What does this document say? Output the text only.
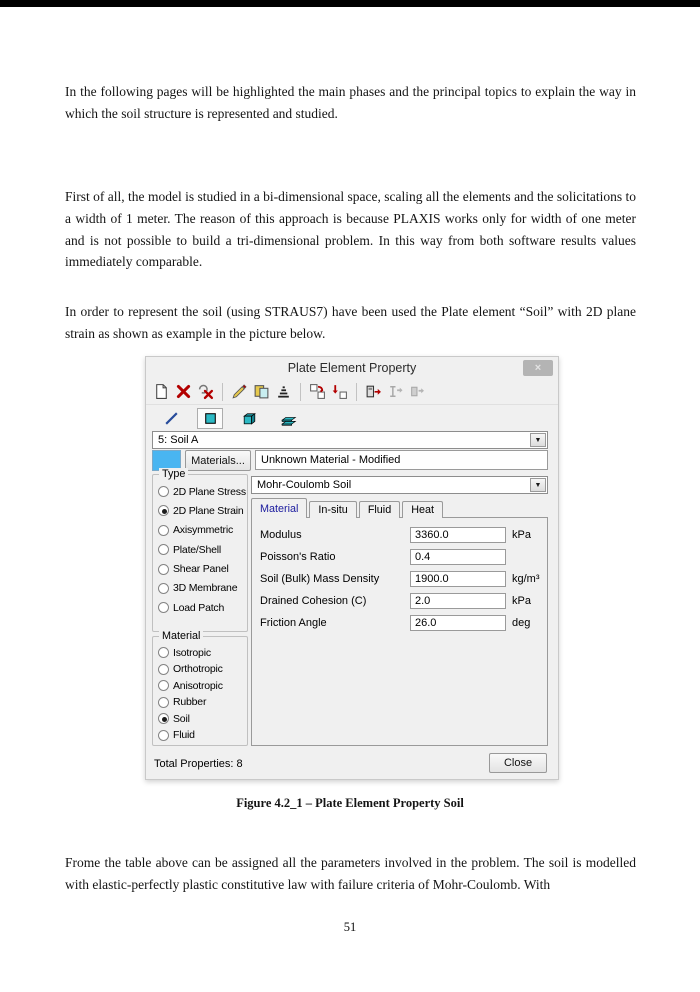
In the following pages will be highlighted the main phases and the principal topics to explain the way in which the soil structure is represented and studied.

First of all, the model is studied in a bi-dimensional space, scaling all the elements and the solicitations to a width of 1 meter. The reason of this approach is because PLAXIS works only for width of one meter and is not possible to build a tri-dimensional problem. In this way from both software results values immediately comparable.

In order to represent the soil (using STRAUS7) have been used the Plate element “Soil” with 2D plane strain as shown as example in the picture below.

Plate Element Property	×
5: Soil A	▼
Materials...	Unknown Material - Modified
Type
2D Plane Stress
2D Plane Strain
Axisymmetric
Plate/Shell
Shear Panel
3D Membrane
Load Patch
Mohr-Coulomb Soil	▼
Material	In-situ	Fluid	Heat
Modulus	3360.0	kPa
Poisson's Ratio	0.4
Soil (Bulk) Mass Density	1900.0	kg/m³
Drained Cohesion (C)	2.0	kPa
Friction Angle	26.0	deg
Material
Isotropic
Orthotropic
Anisotropic
Rubber
Soil
Fluid
Total Properties: 8	Close
Figure 4.2_1 – Plate Element Property Soil

Frome the table above can be assigned all the parameters involved in the problem. The soil is modelled with elastic-perfectly plastic constitutive law with failure criteria of Mohr-Coulomb. With

51
